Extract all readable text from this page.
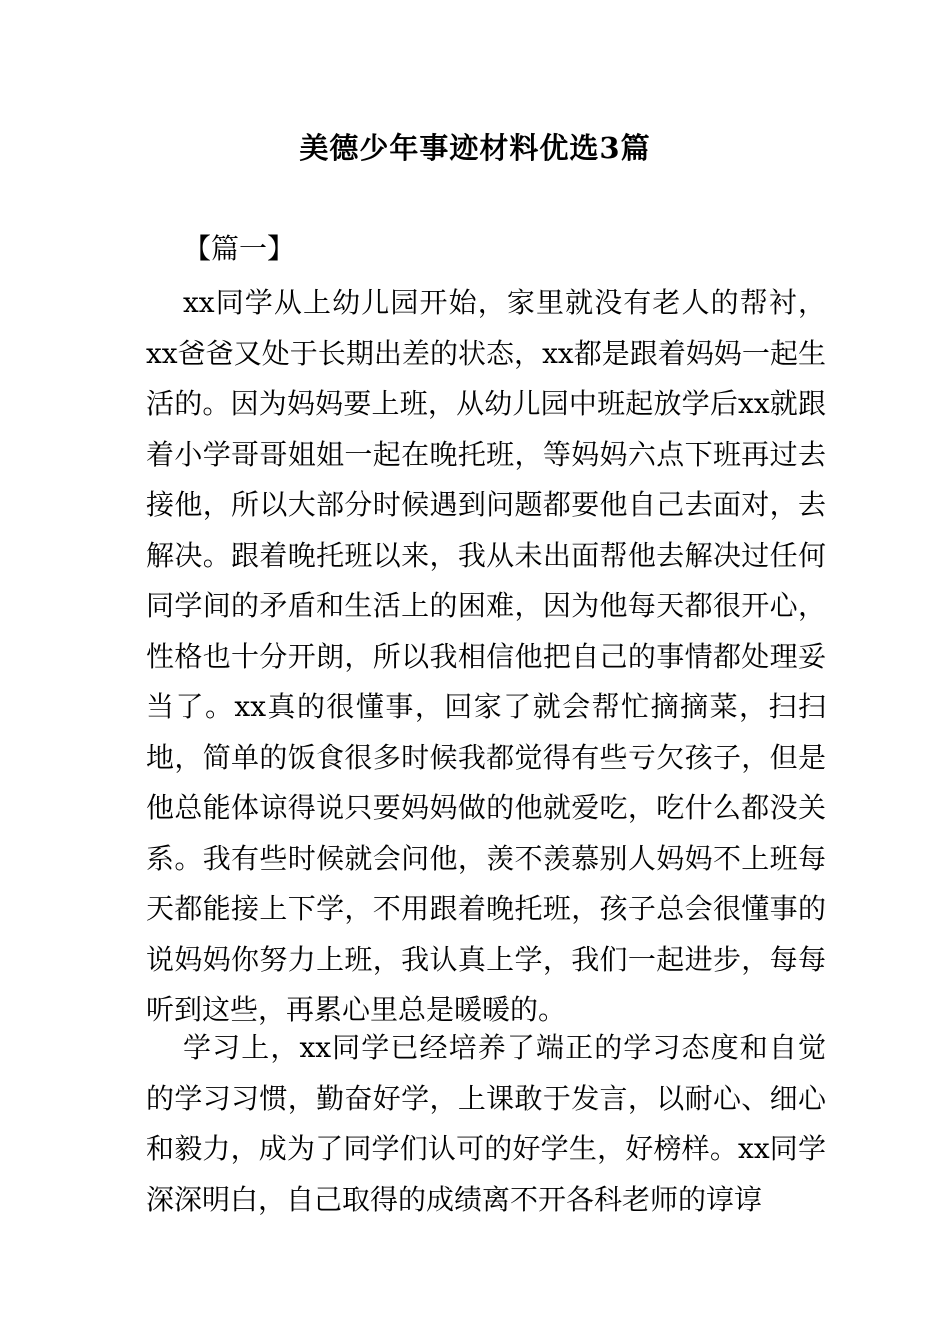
美德少年事迹材料优选3篇

【篇一】

xx同学从上幼儿园开始，家里就没有老人的帮衬，xx爸爸又处于长期出差的状态，xx都是跟着妈妈一起生活的。因为妈妈要上班，从幼儿园中班起放学后xx就跟着小学哥哥姐姐一起在晚托班，等妈妈六点下班再过去接他，所以大部分时候遇到问题都要他自己去面对，去解决。跟着晚托班以来，我从未出面帮他去解决过任何同学间的矛盾和生活上的困难，因为他每天都很开心，性格也十分开朗，所以我相信他把自己的事情都处理妥当了。xx真的很懂事，回家了就会帮忙摘摘菜，扫扫地，简单的饭食很多时候我都觉得有些亏欠孩子，但是他总能体谅得说只要妈妈做的他就爱吃，吃什么都没关系。我有些时候就会问他，羡不羡慕别人妈妈不上班每天都能接上下学，不用跟着晚托班，孩子总会很懂事的说妈妈你努力上班，我认真上学，我们一起进步，每每听到这些，再累心里总是暖暖的。

学习上，xx同学已经培养了端正的学习态度和自觉的学习习惯，勤奋好学，上课敢于发言，以耐心、细心和毅力，成为了同学们认可的好学生，好榜样。xx同学深深明白，自己取得的成绩离不开各科老师的谆谆
